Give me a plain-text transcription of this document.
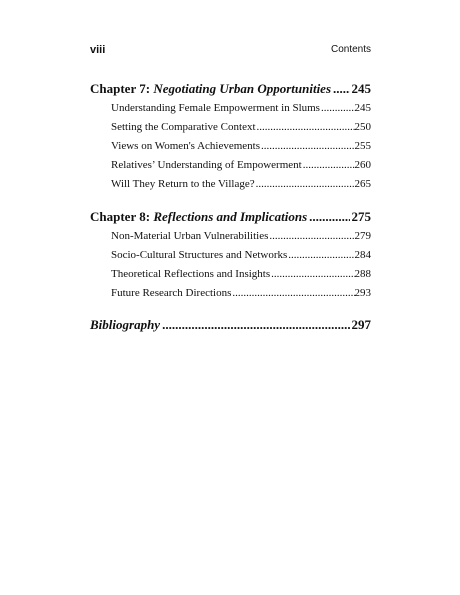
viii	Contents
Chapter 7: Negotiating Urban Opportunities ..... 245
Understanding Female Empowerment in Slums .....	245
Setting the Comparative Context .....	250
Views on Women's Achievements .....	255
Relatives’ Understanding of Empowerment .....	260
Will They Return to the Village? .....	265
Chapter 8: Reflections and Implications .....	275
Non-Material Urban Vulnerabilities .....	279
Socio-Cultural Structures and Networks .....	284
Theoretical Reflections and Insights .....	288
Future Research Directions .....	293
Bibliography .....	297
